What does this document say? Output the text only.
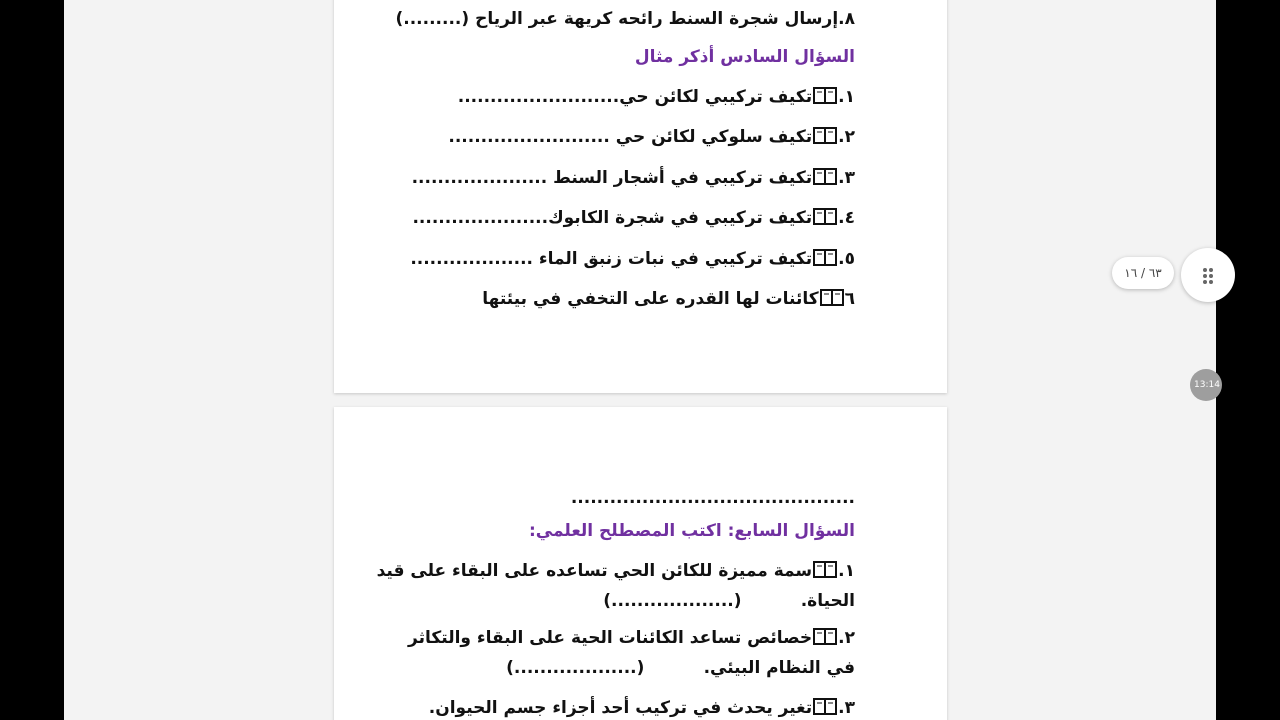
٨.إرسال شجرة السنط رائحه كريهة عبر الرياح (.........)
السؤال السادس أذكر مثال
١.تكيف تركيبي لكائن حي.........................
٢.تكيف سلوكي لكائن حي .........................
٣.تكيف تركيبي في أشجار السنط .....................
٤.تكيف تركيبي في شجرة الكابوك.....................
٥.تكيف تركيبي في نبات زنبق الماء ...................
٦كائنات لها القدره على التخفي في بيئتها
............................................
السؤال السابع: اكتب المصطلح العلمي:
١.سمة مميزة للكائن الحي تساعده على البقاء على قيد
الحياة.          (...................)
٢.خصائص تساعد الكائنات الحية على البقاء والتكاثر
في النظام البيئي.          (...................)
٣.تغير يحدث في تركيب أحد أجزاء جسم الحيوان.
٦٣ / ١٦
13:14
